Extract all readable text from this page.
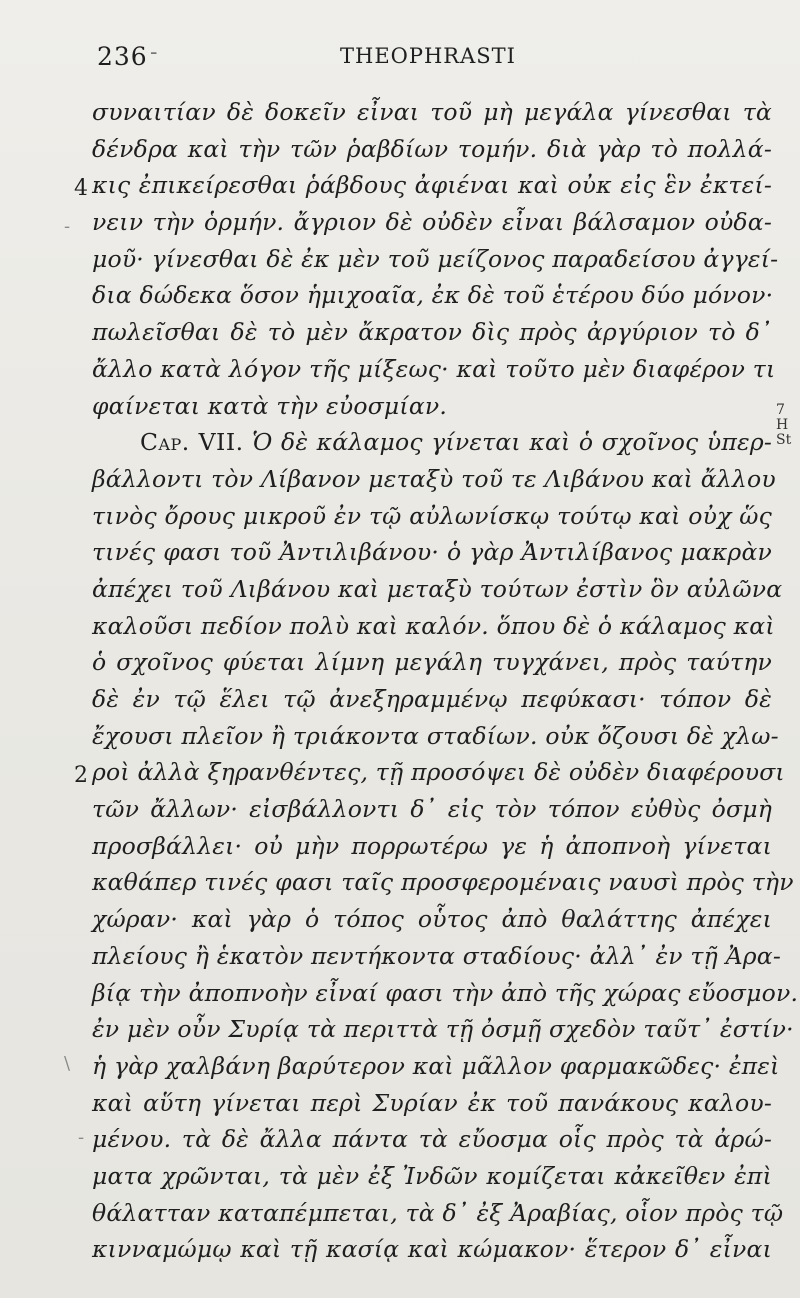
236 -	THEOPHRASTI
4
2
7 H
St
-
\
-
συναιτίαν δὲ δοκεῖν εἶναι τοῦ μὴ μεγάλα γίνεσθαι τὰ
δένδρα καὶ τὴν τῶν ῥαβδίων τομήν. διὰ γὰρ τὸ πολλά-
κις ἐπικείρεσθαι ῥάβδους ἀφιέναι καὶ οὐκ εἰς ἓν ἐκτεί-
νειν τὴν ὁρμήν. ἄγριον δὲ οὐδὲν εἶναι βάλσαμον οὐδα-
μοῦ· γίνεσθαι δὲ ἐκ μὲν τοῦ μείζονος παραδείσου ἀγγεί-
δια δώδεκα ὅσον ἡμιχοαῖα, ἐκ δὲ τοῦ ἑτέρου δύο μόνον·
πωλεῖσθαι δὲ τὸ μὲν ἄκρατον δὶς πρὸς ἀργύριον τὸ δ᾽
ἄλλο κατὰ λόγον τῆς μίξεως· καὶ τοῦτο μὲν διαφέρον τι
φαίνεται κατὰ τὴν εὐοσμίαν.
Cap. VII. Ὁ δὲ κάλαμος γίνεται καὶ ὁ σχοῖνος ὑπερ-
βάλλοντι τὸν Λίβανον μεταξὺ τοῦ τε Λιβάνου καὶ ἄλλου
τινὸς ὄρους μικροῦ ἐν τῷ αὐλωνίσκῳ τούτῳ καὶ οὐχ ὥς
τινές φασι τοῦ Ἀντιλιβάνου· ὁ γὰρ Ἀντιλίβανος μακρὰν
ἀπέχει τοῦ Λιβάνου καὶ μεταξὺ τούτων ἐστὶν ὃν αὐλῶνα
καλοῦσι πεδίον πολὺ καὶ καλόν. ὅπου δὲ ὁ κάλαμος καὶ
ὁ σχοῖνος φύεται λίμνη μεγάλη τυγχάνει, πρὸς ταύτην
δὲ ἐν τῷ ἕλει τῷ ἀνεξηραμμένῳ πεφύκασι· τόπον δὲ
ἔχουσι πλεῖον ἢ τριάκοντα σταδίων. οὐκ ὄζουσι δὲ χλω-
ροὶ ἀλλὰ ξηρανθέντες, τῇ προσόψει δὲ οὐδὲν διαφέρουσι
τῶν ἄλλων· εἰσβάλλοντι δ᾽ εἰς τὸν τόπον εὐθὺς ὀσμὴ
προσβάλλει· οὐ μὴν πορρωτέρω γε ἡ ἀποπνοὴ γίνεται
καθάπερ τινές φασι ταῖς προσφερομέναις ναυσὶ πρὸς τὴν
χώραν· καὶ γὰρ ὁ τόπος οὗτος ἀπὸ θαλάττης ἀπέχει
πλείους ἢ ἑκατὸν πεντήκοντα σταδίους· ἀλλ᾽ ἐν τῇ Ἀρα-
βίᾳ τὴν ἀποπνοὴν εἶναί φασι τὴν ἀπὸ τῆς χώρας εὔοσμον.
ἐν μὲν οὖν Συρίᾳ τὰ περιττὰ τῇ ὀσμῇ σχεδὸν ταῦτ᾽ ἐστίν·
ἡ γὰρ χαλβάνη βαρύτερον καὶ μᾶλλον φαρμακῶδες· ἐπεὶ
καὶ αὕτη γίνεται περὶ Συρίαν ἐκ τοῦ πανάκους καλου-
μένου. τὰ δὲ ἄλλα πάντα τὰ εὔοσμα οἷς πρὸς τὰ ἀρώ-
ματα χρῶνται, τὰ μὲν ἐξ Ἰνδῶν κομίζεται κἀκεῖθεν ἐπὶ
θάλατταν καταπέμπεται, τὰ δ᾽ ἐξ Ἀραβίας, οἷον πρὸς τῷ
κινναμώμῳ καὶ τῇ κασίᾳ καὶ κώμακον· ἕτερον δ᾽ εἶναι
